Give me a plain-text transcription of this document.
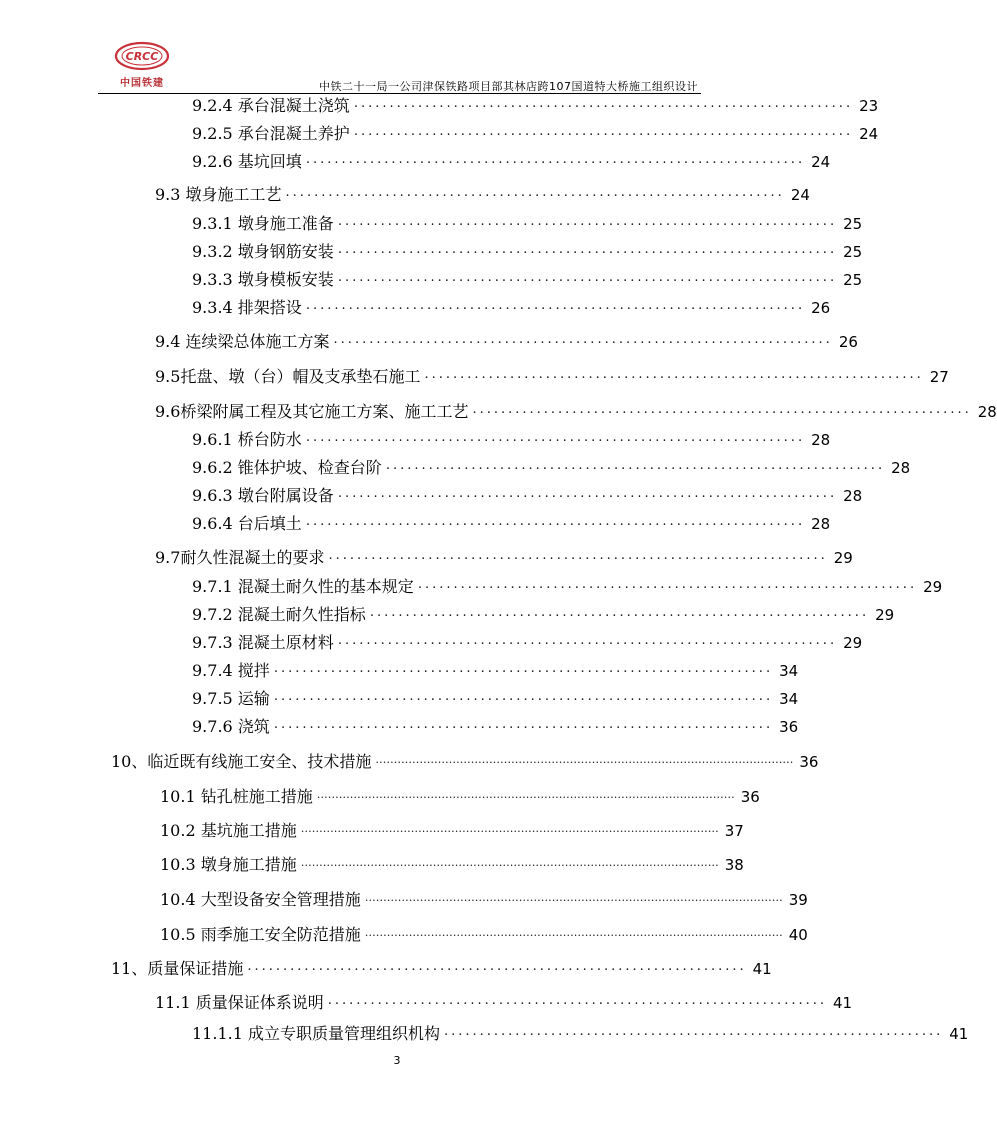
CRCC
中国铁建	中铁二十一局一公司津保铁路项目部其林店跨107国道特大桥施工组织设计
9.2.4 承台混凝土浇筑 ...................................................................... 23
9.2.5 承台混凝土养护 ...................................................................... 24
9.2.6 基坑回填 ...................................................................... 24
9.3 墩身施工工艺 ...................................................................... 24
9.3.1 墩身施工准备 ...................................................................... 25
9.3.2 墩身钢筋安装 ...................................................................... 25
9.3.3 墩身模板安装 ...................................................................... 25
9.3.4 排架搭设 ...................................................................... 26
9.4 连续梁总体施工方案 ...................................................................... 26
9.5托盘、墩（台）帽及支承垫石施工 ...................................................................... 27
9.6桥梁附属工程及其它施工方案、施工工艺 ...................................................................... 28
9.6.1 桥台防水 ...................................................................... 28
9.6.2 锥体护坡、检查台阶 ...................................................................... 28
9.6.3 墩台附属设备 ...................................................................... 28
9.6.4 台后填土 ...................................................................... 28
9.7耐久性混凝土的要求 ...................................................................... 29
9.7.1 混凝土耐久性的基本规定 ...................................................................... 29
9.7.2 混凝土耐久性指标 ...................................................................... 29
9.7.3 混凝土原材料 ...................................................................... 29
9.7.4 搅拌 ...................................................................... 34
9.7.5 运输 ...................................................................... 34
9.7.6 浇筑 ...................................................................... 36
10、临近既有线施工安全、技术措施 …………………………………………………………………………………………………… 36
10.1 钻孔桩施工措施 …………………………………………………………………………………………………… 36
10.2 基坑施工措施 …………………………………………………………………………………………………… 37
10.3 墩身施工措施 …………………………………………………………………………………………………… 38
10.4 大型设备安全管理措施 …………………………………………………………………………………………………… 39
10.5 雨季施工安全防范措施 …………………………………………………………………………………………………… 40
11、质量保证措施 ...................................................................... 41
11.1 质量保证体系说明 ...................................................................... 41
11.1.1 成立专职质量管理组织机构 ...................................................................... 41
3
